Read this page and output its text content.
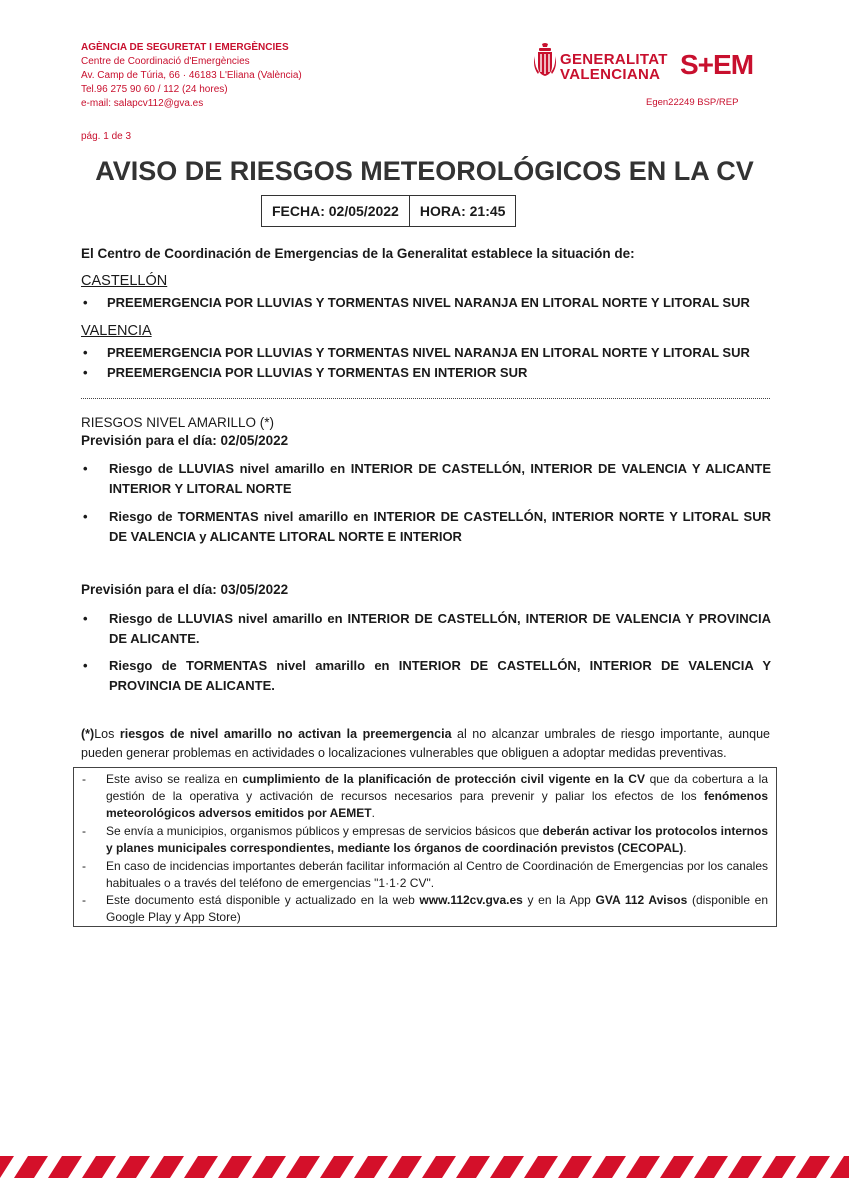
AGÈNCIA DE SEGURETAT I EMERGÈNCIES
Centre de Coordinació d'Emergències
Av. Camp de Túria, 66 · 46183 L'Eliana (València)
Tel.96 275 90 60 / 112 (24 hores)
e-mail: salapcv112@gva.es
GENERALITAT
VALENCIANA S+EM
Egen22249 BSP/REP
pág. 1 de 3
AVISO DE RIESGOS METEOROLÓGICOS EN LA CV
FECHA: 02/05/2022	HORA: 21:45
El Centro de Coordinación de Emergencias de la Generalitat establece la situación de:
CASTELLÓN
• PREEMERGENCIA POR LLUVIAS Y TORMENTAS NIVEL NARANJA EN LITORAL NORTE Y LITORAL SUR
VALENCIA
• PREEMERGENCIA POR LLUVIAS Y TORMENTAS NIVEL NARANJA EN LITORAL NORTE Y LITORAL SUR
• PREEMERGENCIA POR LLUVIAS Y TORMENTAS EN INTERIOR SUR
RIESGOS NIVEL AMARILLO (*)
Previsión para el día: 02/05/2022
•	Riesgo de LLUVIAS nivel amarillo en INTERIOR DE CASTELLÓN, INTERIOR DE VALENCIA Y ALICANTE INTERIOR Y LITORAL NORTE
•	Riesgo de TORMENTAS nivel amarillo en INTERIOR DE CASTELLÓN, INTERIOR NORTE Y LITORAL SUR DE VALENCIA y ALICANTE LITORAL NORTE E INTERIOR
Previsión para el día: 03/05/2022
•	Riesgo de LLUVIAS nivel amarillo en INTERIOR DE CASTELLÓN, INTERIOR DE VALENCIA Y PROVINCIA DE ALICANTE.
•	Riesgo de TORMENTAS nivel amarillo en INTERIOR DE CASTELLÓN, INTERIOR DE VALENCIA Y PROVINCIA DE ALICANTE.
(*)Los riesgos de nivel amarillo no activan la preemergencia al no alcanzar umbrales de riesgo importante, aunque pueden generar problemas en actividades o localizaciones vulnerables que obliguen a adoptar medidas preventivas.
-	Este aviso se realiza en cumplimiento de la planificación de protección civil vigente en la CV que da cobertura a la gestión de la operativa y activación de recursos necesarios para prevenir y paliar los efectos de los fenómenos meteorológicos adversos emitidos por AEMET.
-	Se envía a municipios, organismos públicos y empresas de servicios básicos que deberán activar los protocolos internos y planes municipales correspondientes, mediante los órganos de coordinación previstos (CECOPAL).
-	En caso de incidencias importantes deberán facilitar información al Centro de Coordinación de Emergencias por los canales habituales o a través del teléfono de emergencias "1·1·2 CV".
-	Este documento está disponible y actualizado en la web www.112cv.gva.es y en la App GVA 112 Avisos (disponible en Google Play y App Store)
